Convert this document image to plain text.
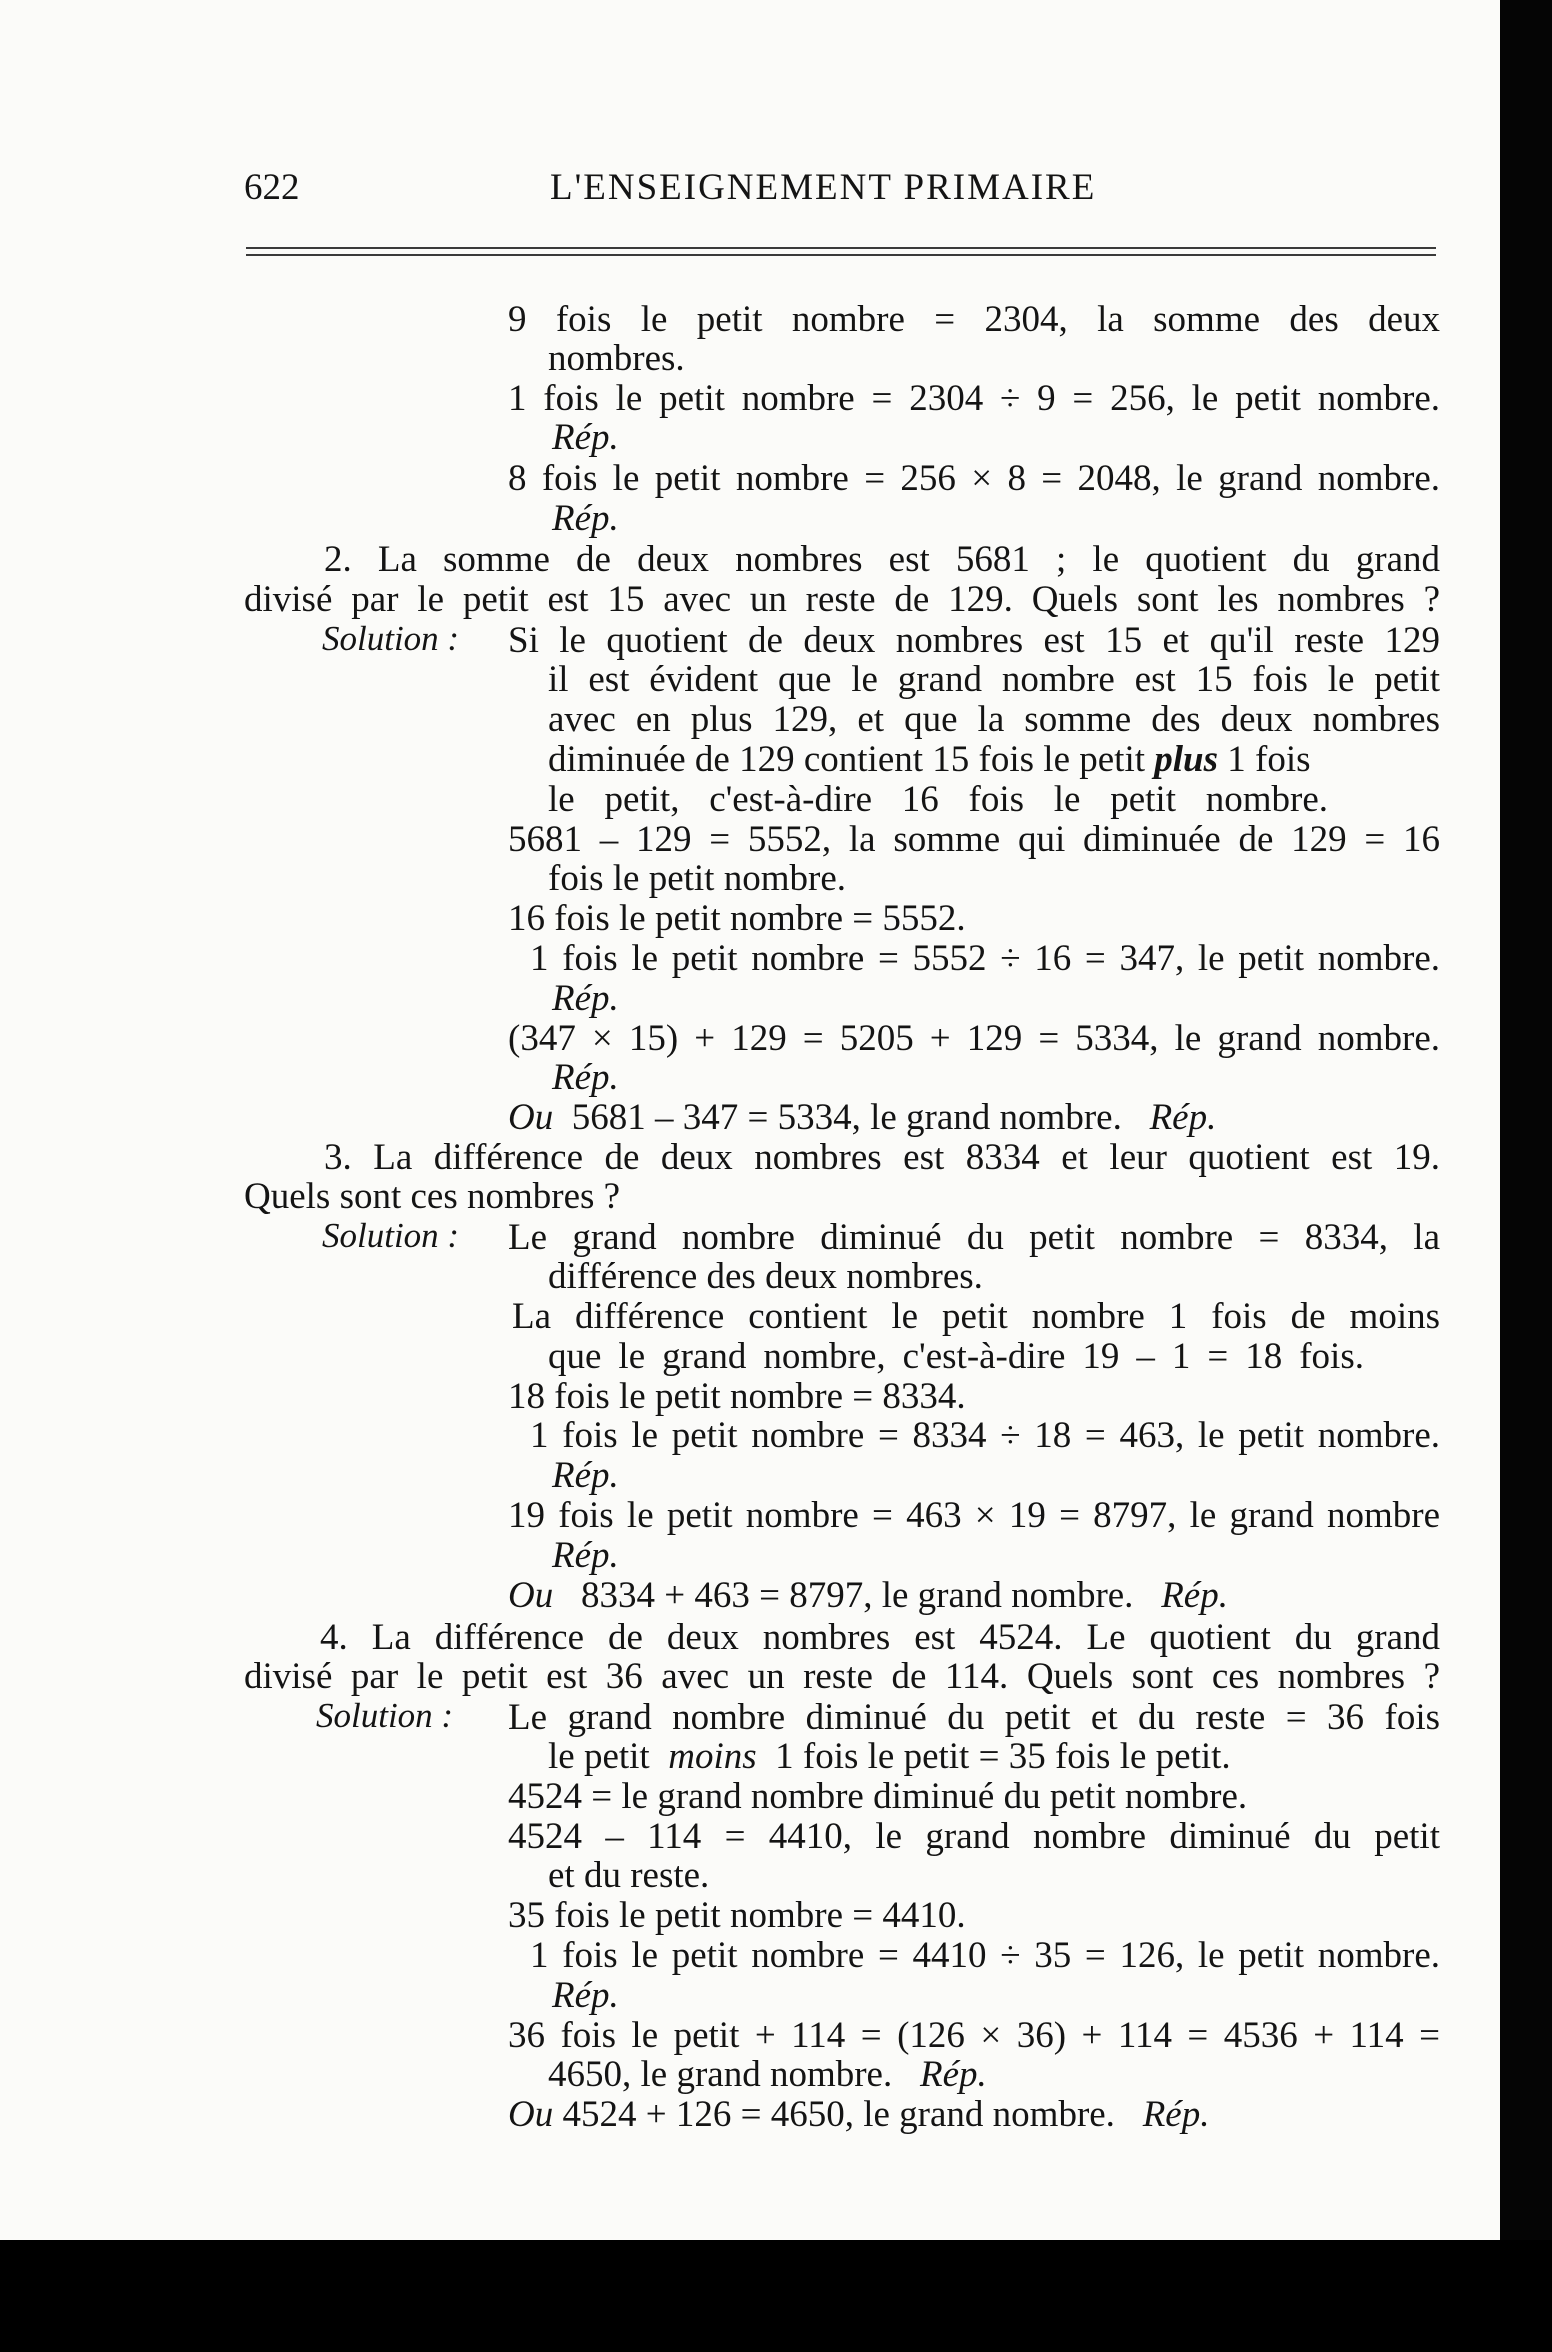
622	L'ENSEIGNEMENT PRIMAIRE
9 fois le petit nombre = 2304, la somme des deux
nombres.
1 fois le petit nombre = 2304 ÷ 9 = 256, le petit nombre.
Rép.
8 fois le petit nombre = 256 × 8 = 2048, le grand nombre.
Rép.
2. La somme de deux nombres est 5681 ; le quotient du grand
divisé par le petit est 15 avec un reste de 129. Quels sont les nombres ?
Solution : Si le quotient de deux nombres est 15 et qu'il reste 129
il est évident que le grand nombre est 15 fois le petit
avec en plus 129, et que la somme des deux nombres
diminuée de 129 contient 15 fois le petit plus 1 fois
le petit, c'est-à-dire 16 fois le petit nombre.
5681 – 129 = 5552, la somme qui diminuée de 129 = 16
fois le petit nombre.
16 fois le petit nombre = 5552.
1 fois le petit nombre = 5552 ÷ 16 = 347, le petit nombre.
Rép.
(347 × 15) + 129 = 5205 + 129 = 5334, le grand nombre.
Rép.
Ou 5681 – 347 = 5334, le grand nombre. Rép.
3. La différence de deux nombres est 8334 et leur quotient est 19.
Quels sont ces nombres ?
Solution : Le grand nombre diminué du petit nombre = 8334, la
différence des deux nombres.
La différence contient le petit nombre 1 fois de moins
que le grand nombre, c'est-à-dire 19 – 1 = 18 fois.
18 fois le petit nombre = 8334.
1 fois le petit nombre = 8334 ÷ 18 = 463, le petit nombre.
Rép.
19 fois le petit nombre = 463 × 19 = 8797, le grand nombre
Rép.
Ou 8334 + 463 = 8797, le grand nombre. Rép.
4. La différence de deux nombres est 4524. Le quotient du grand
divisé par le petit est 36 avec un reste de 114. Quels sont ces nombres ?
Solution : Le grand nombre diminué du petit et du reste = 36 fois
le petit moins 1 fois le petit = 35 fois le petit.
4524 = le grand nombre diminué du petit nombre.
4524 – 114 = 4410, le grand nombre diminué du petit
et du reste.
35 fois le petit nombre = 4410.
1 fois le petit nombre = 4410 ÷ 35 = 126, le petit nombre.
Rép.
36 fois le petit + 114 = (126 × 36) + 114 = 4536 + 114 =
4650, le grand nombre. Rép.
Ou 4524 + 126 = 4650, le grand nombre. Rép.
